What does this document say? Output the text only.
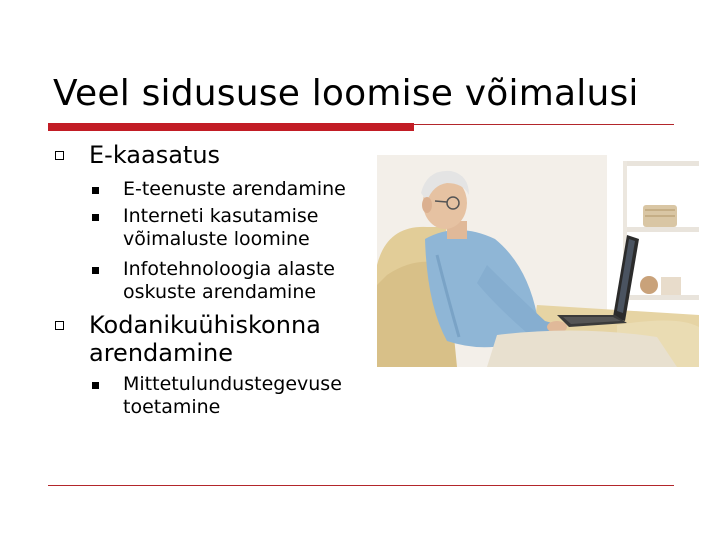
Veel sidususe loomise võimalusi
E-kaasatus
E-teenuste arendamine
Interneti kasutamise
võimaluste loomine
Infotehnoloogia alaste
oskuste arendamine
Kodanikuühiskonna
arendamine
Mittetulundustegevuse
toetamine
